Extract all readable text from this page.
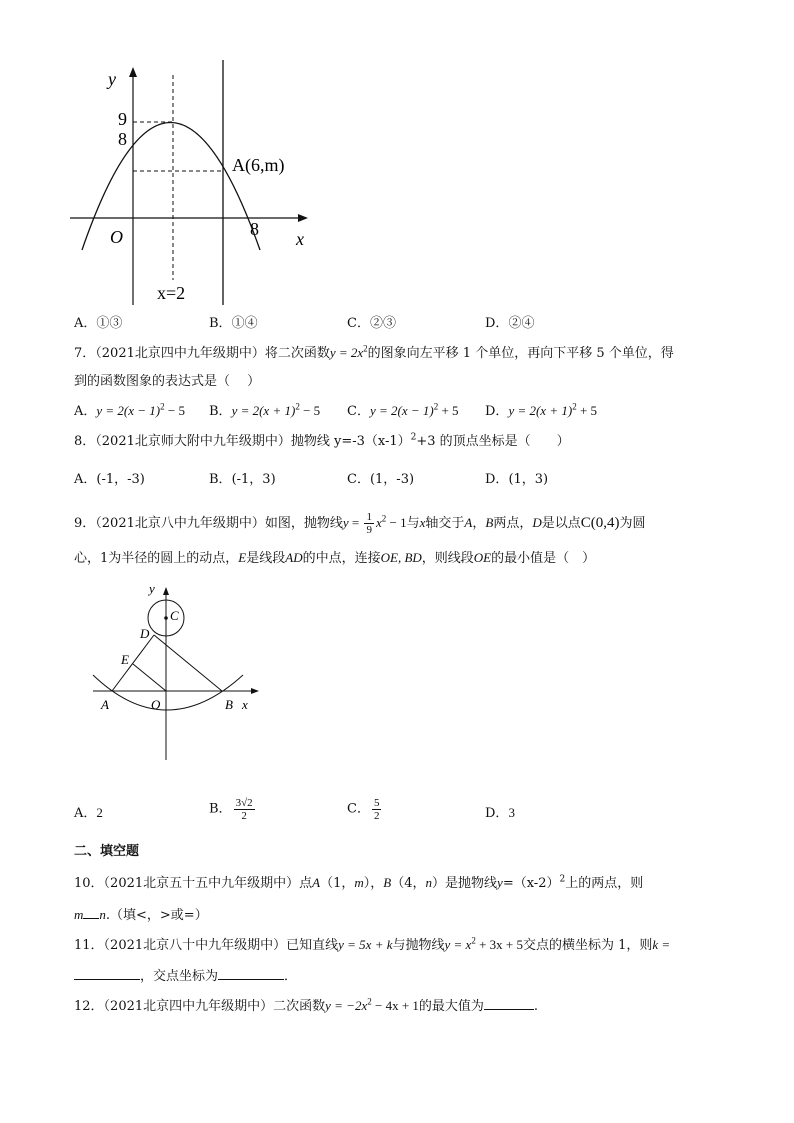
y
x
O
9
8
8
A(6,m)
x=2
A．①③	B．①④	C．②③	D．②④
7．（2021北京四中九年级期中）将二次函数$y = 2x^2$的图象向左平移 1 个单位，再向下平移 5 个单位，得
到的函数图象的表达式是（　 ）
A．$y = 2(x - 1)^2 - 5$ B．$y = 2(x + 1)^2 - 5$ C．$y = 2(x - 1)^2 + 5$ D．$y = 2(x + 1)^2 + 5$
8．（2021北京师大附中九年级期中）抛物线 $y=-3(x-1)^2+3$ 的顶点坐标是（　　）
A．(-1，-3)	B．(-1，3)	C．(1，-3)	D．(1，3)
9．（2021北京八中九年级期中）如图，抛物线$y = \frac{1}{9} x^2 - 1$与x轴交于A，B两点，D是以点C(0,4)为圆
心，1为半径的圆上的动点，E是线段AD的中点，连接OE, BD，则线段OE的最小值是（　）
y
x
C
D
E
A	O	B
A．2	B． $\frac{3√2}{2}$	C． $\frac{5}{2}$	D．3
二、填空题
10．（2021北京五十五中九年级期中）点A（1，m），B（4，n）是抛物线$y=(x-2)^2$上的两点，则
m n.（填<，>或=）
11．（2021北京八十中九年级期中）已知直线y = 5x + k与抛物线$y = x^2 + 3x + 5$交点的横坐标为 1，则k =
，交点坐标为	．
12．（2021北京四中九年级期中）二次函数$y = -2x^2 - 4x + 1$的最大值为	.
